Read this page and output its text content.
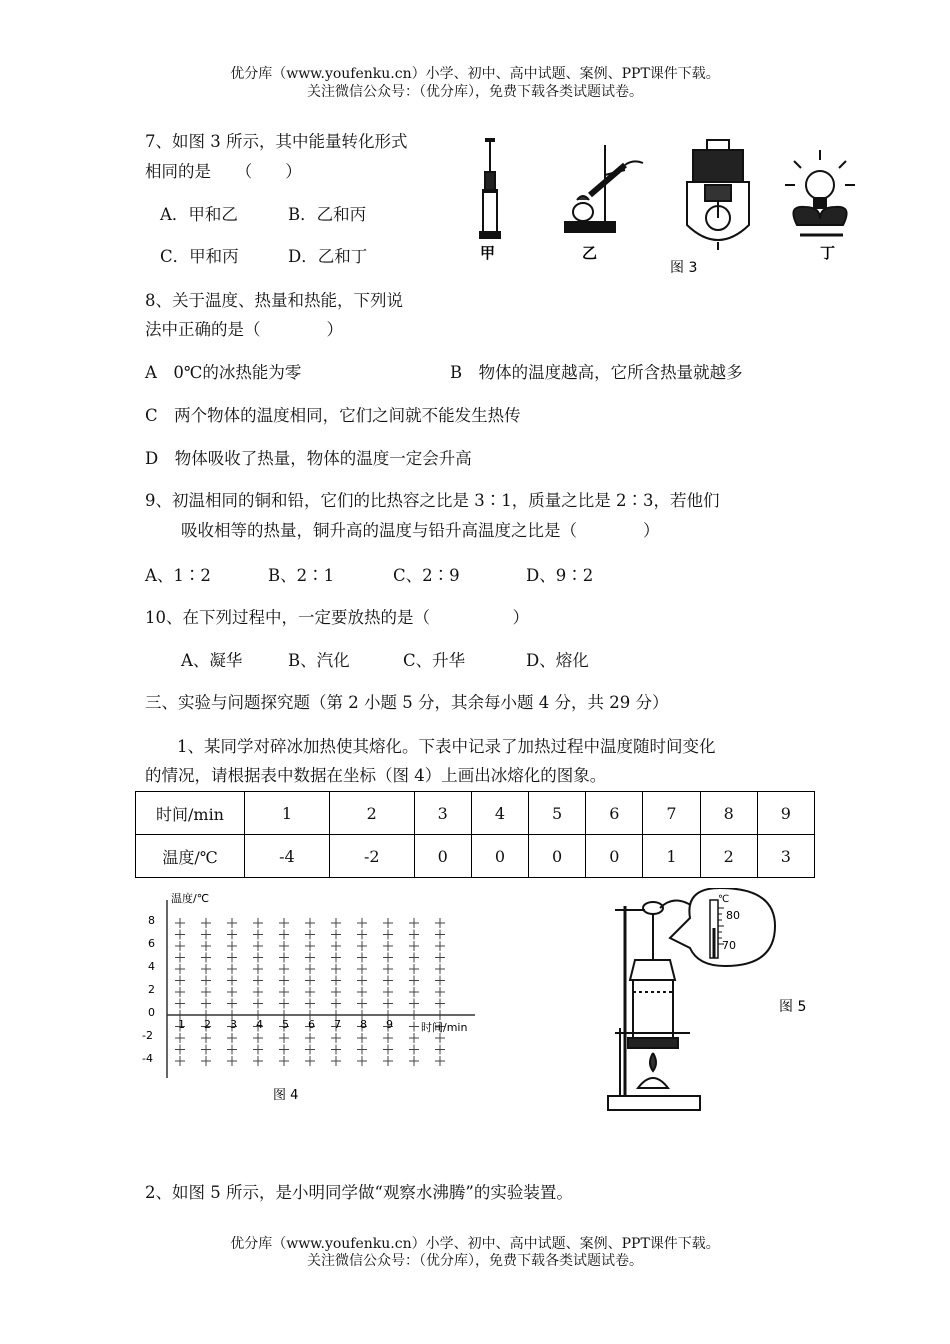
优分库（www.youfenku.cn）小学、初中、高中试题、案例、PPT课件下载。
关注微信公众号：（优分库），免费下载各类试题试卷。
7、如图 3 所示，其中能量转化形式
相同的是　　（　　）
A．甲和乙	B．乙和丙
C．甲和丙	D．乙和丁	甲	乙	丁
图 3
8、关于温度、热量和热能，下列说
法中正确的是（　　　　）
A　0℃的冰热能为零	B　物体的温度越高，它所含热量就越多
C　两个物体的温度相同，它们之间就不能发生热传
D　物体吸收了热量，物体的温度一定会升高
9、初温相同的铜和铅，它们的比热容之比是 3∶1，质量之比是 2∶3，若他们
吸收相等的热量，铜升高的温度与铅升高温度之比是（　　　　）
A、1∶2	B、2∶1	C、2∶9	D、9∶2
10、在下列过程中，一定要放热的是（　　　　　）
A、凝华	B、汽化	C、升华	D、熔化
三、实验与问题探究题（第 2 小题 5 分，其余每小题 4 分，共 29 分）
1、某同学对碎冰加热使其熔化。下表中记录了加热过程中温度随时间变化
的情况，请根据表中数据在坐标（图 4）上画出冰熔化的图象。
时间/min	1	2	3	4	5	6	7	8	9
温度/℃	-4	-2	0	0	0	0	1	2	3
温度/℃
时间/min
8
6
4
2
0
-2
-4
1 2 3 4 5 6 7 8 9
图 4
℃
80
70
图 5
2、如图 5 所示，是小明同学做“观察水沸腾”的实验装置。
优分库（www.youfenku.cn）小学、初中、高中试题、案例、PPT课件下载。
关注微信公众号：（优分库），免费下载各类试题试卷。
